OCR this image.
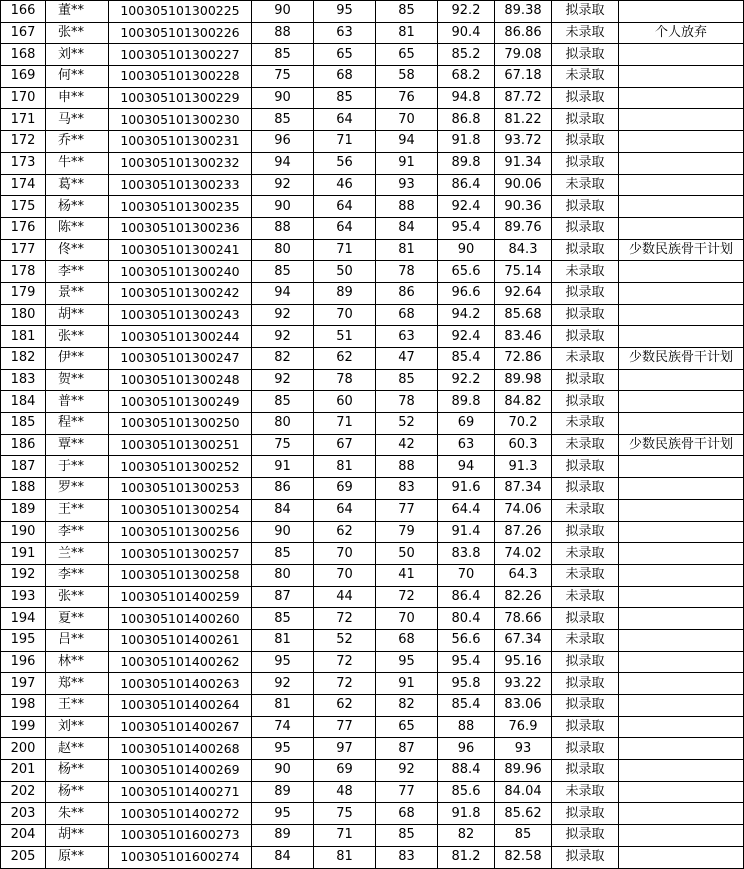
166	董**	100305101300225	90	95	85	92.2	89.38	拟录取	
167	张**	100305101300226	88	63	81	90.4	86.86	未录取	个人放弃
168	刘**	100305101300227	85	65	65	85.2	79.08	拟录取	
169	何**	100305101300228	75	68	58	68.2	67.18	未录取	
170	申**	100305101300229	90	85	76	94.8	87.72	拟录取	
171	马**	100305101300230	85	64	70	86.8	81.22	拟录取	
172	乔**	100305101300231	96	71	94	91.8	93.72	拟录取	
173	牛**	100305101300232	94	56	91	89.8	91.34	拟录取	
174	葛**	100305101300233	92	46	93	86.4	90.06	未录取	
175	杨**	100305101300235	90	64	88	92.4	90.36	拟录取	
176	陈**	100305101300236	88	64	84	95.4	89.76	拟录取	
177	佟**	100305101300241	80	71	81	90	84.3	拟录取	少数民族骨干计划
178	李**	100305101300240	85	50	78	65.6	75.14	未录取	
179	景**	100305101300242	94	89	86	96.6	92.64	拟录取	
180	胡**	100305101300243	92	70	68	94.2	85.68	拟录取	
181	张**	100305101300244	92	51	63	92.4	83.46	拟录取	
182	伊**	100305101300247	82	62	47	85.4	72.86	未录取	少数民族骨干计划
183	贺**	100305101300248	92	78	85	92.2	89.98	拟录取	
184	普**	100305101300249	85	60	78	89.8	84.82	拟录取	
185	程**	100305101300250	80	71	52	69	70.2	未录取	
186	覃**	100305101300251	75	67	42	63	60.3	未录取	少数民族骨干计划
187	于**	100305101300252	91	81	88	94	91.3	拟录取	
188	罗**	100305101300253	86	69	83	91.6	87.34	拟录取	
189	王**	100305101300254	84	64	77	64.4	74.06	未录取	
190	李**	100305101300256	90	62	79	91.4	87.26	拟录取	
191	兰**	100305101300257	85	70	50	83.8	74.02	未录取	
192	李**	100305101300258	80	70	41	70	64.3	未录取	
193	张**	100305101400259	87	44	72	86.4	82.26	未录取	
194	夏**	100305101400260	85	72	70	80.4	78.66	拟录取	
195	吕**	100305101400261	81	52	68	56.6	67.34	未录取	
196	林**	100305101400262	95	72	95	95.4	95.16	拟录取	
197	郑**	100305101400263	92	72	91	95.8	93.22	拟录取	
198	王**	100305101400264	81	62	82	85.4	83.06	拟录取	
199	刘**	100305101400267	74	77	65	88	76.9	拟录取	
200	赵**	100305101400268	95	97	87	96	93	拟录取	
201	杨**	100305101400269	90	69	92	88.4	89.96	拟录取	
202	杨**	100305101400271	89	48	77	85.6	84.04	未录取	
203	朱**	100305101400272	95	75	68	91.8	85.62	拟录取	
204	胡**	100305101600273	89	71	85	82	85	拟录取	
205	原**	100305101600274	84	81	83	81.2	82.58	拟录取	
